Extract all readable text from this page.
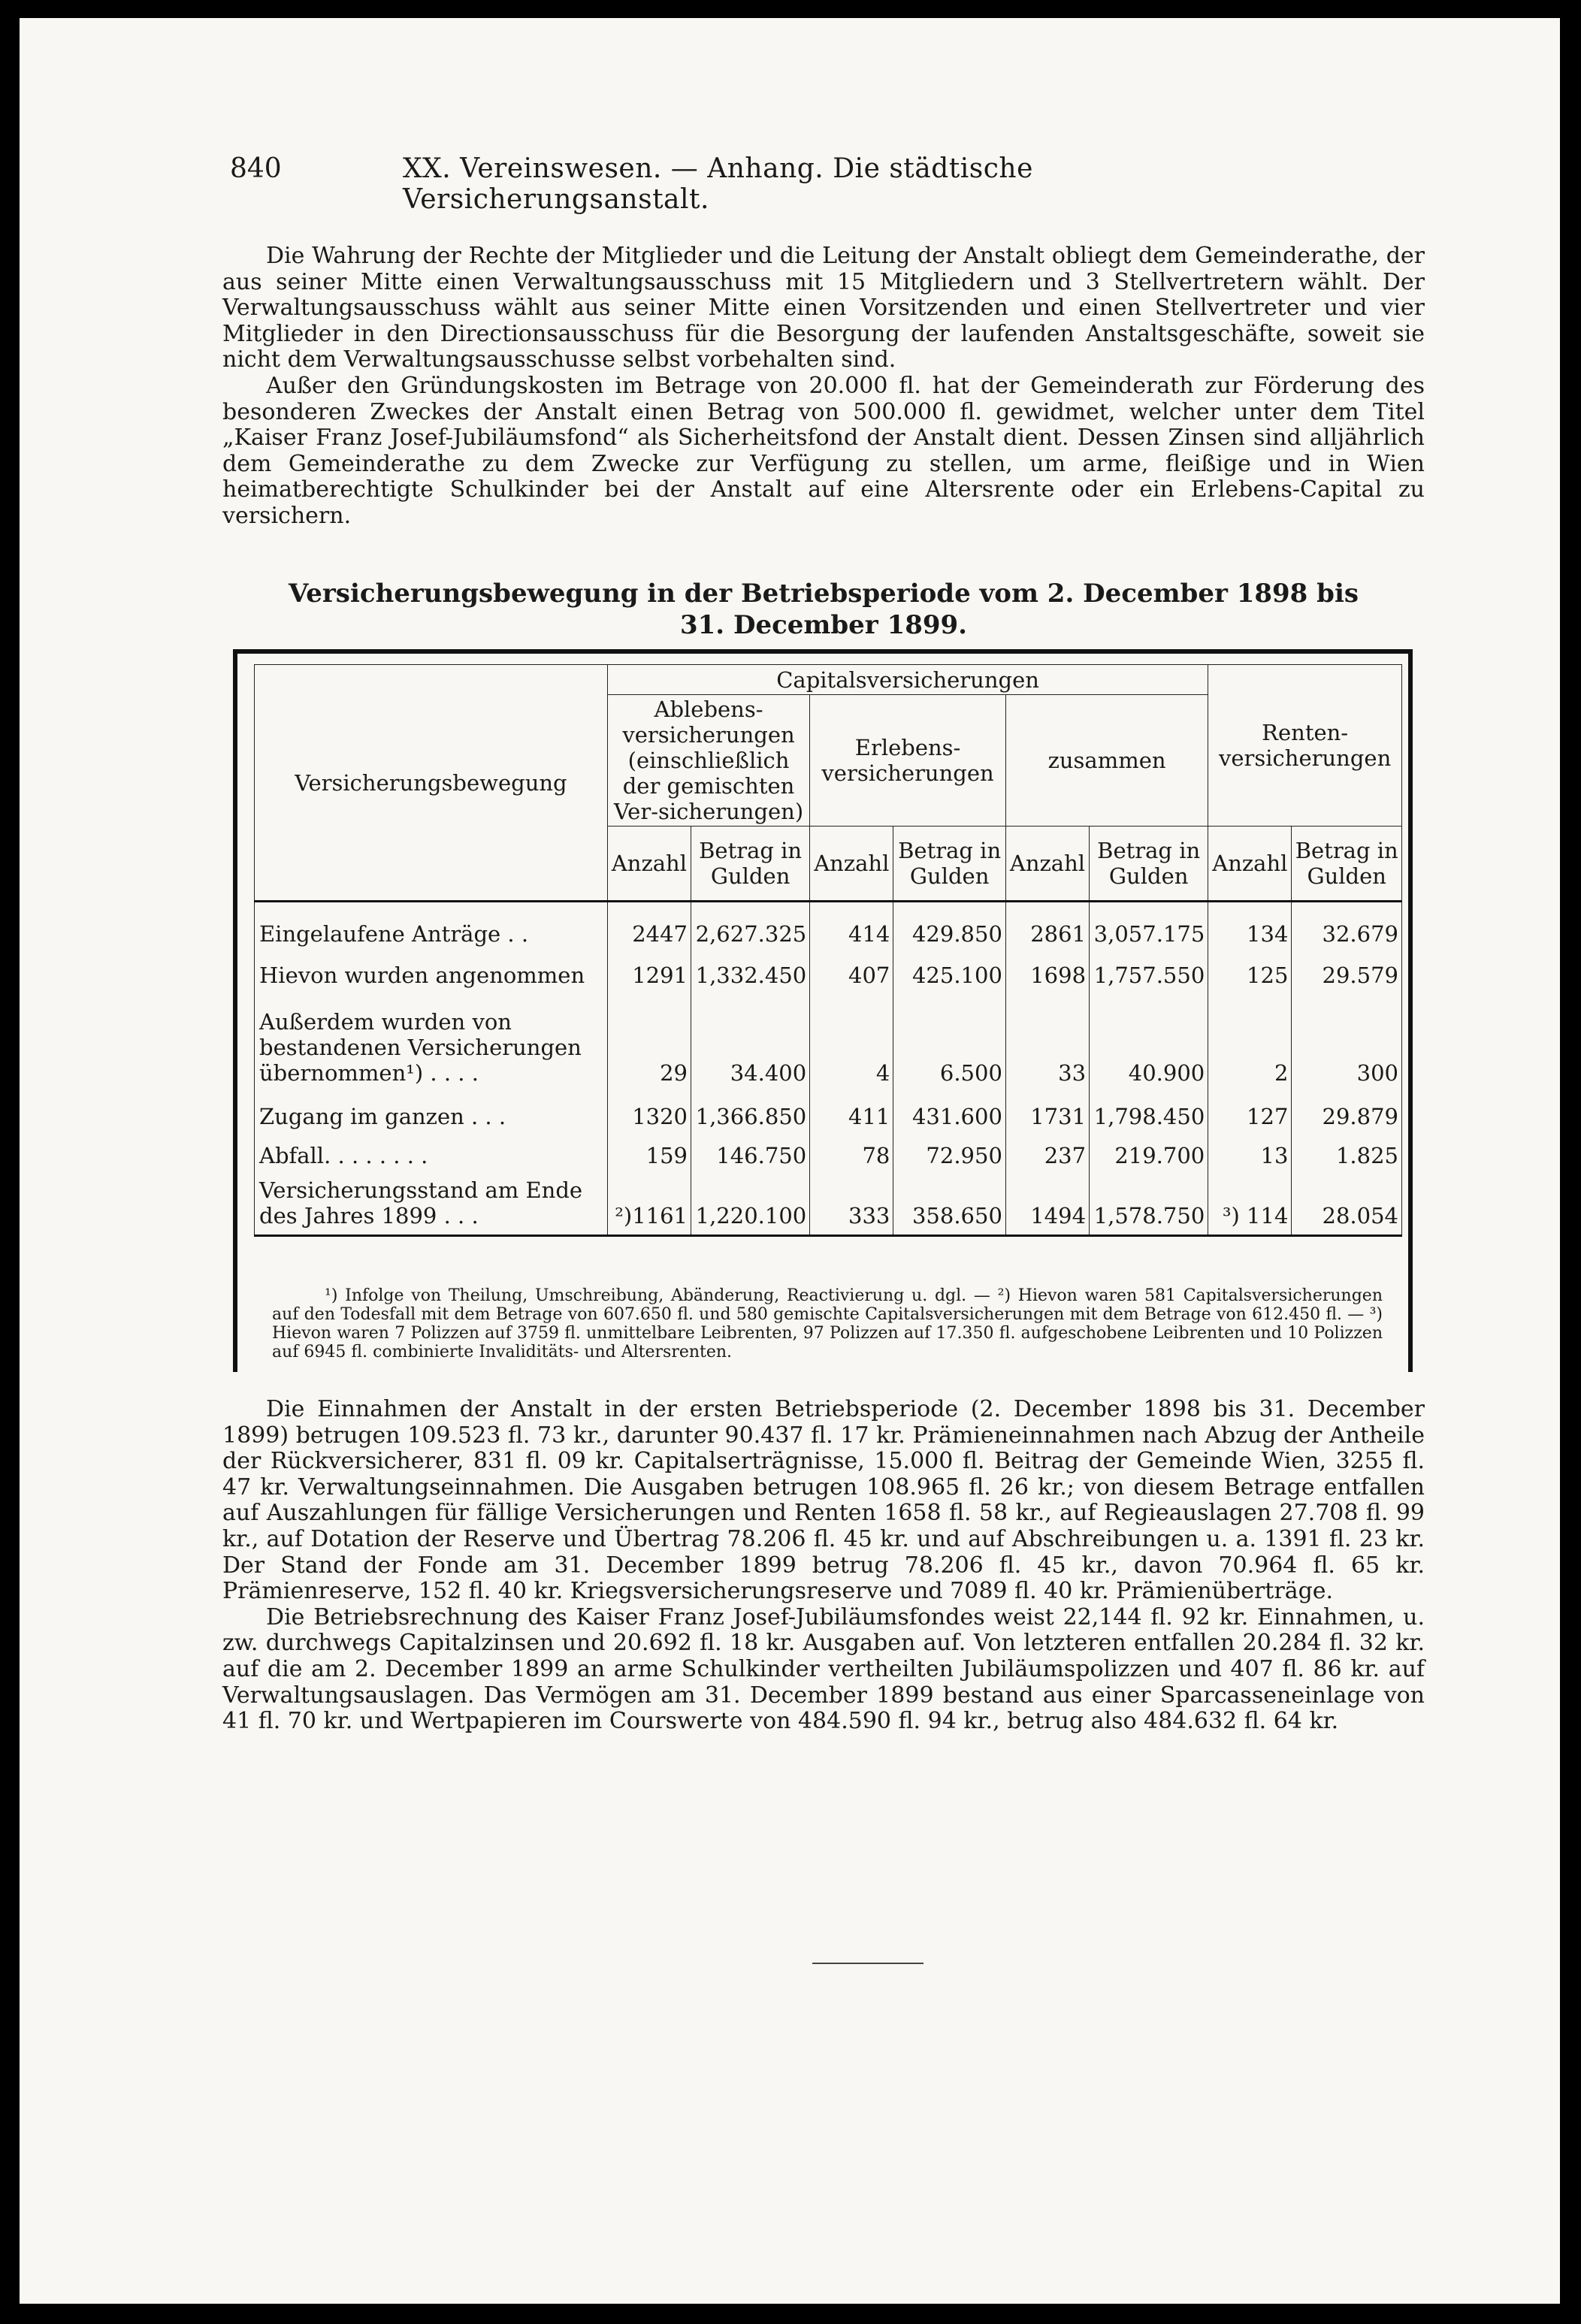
840	XX. Vereinswesen. — Anhang. Die städtische Versicherungsanstalt.

Die Wahrung der Rechte der Mitglieder und die Leitung der Anstalt obliegt dem Gemeinderathe, der aus seiner Mitte einen Verwaltungsausschuss mit 15 Mitgliedern und 3 Stellvertretern wählt. Der Verwaltungsausschuss wählt aus seiner Mitte einen Vorsitzenden und einen Stellvertreter und vier Mitglieder in den Directionsausschuss für die Besorgung der laufenden Anstaltsgeschäfte, soweit sie nicht dem Verwaltungsausschusse selbst vorbehalten sind.

Außer den Gründungskosten im Betrage von 20.000 fl. hat der Gemeinderath zur Förderung des besonderen Zweckes der Anstalt einen Betrag von 500.000 fl. gewidmet, welcher unter dem Titel „Kaiser Franz Josef-Jubiläumsfond“ als Sicherheitsfond der Anstalt dient. Dessen Zinsen sind alljährlich dem Gemeinderathe zu dem Zwecke zur Verfügung zu stellen, um arme, fleißige und in Wien heimatberechtigte Schulkinder bei der Anstalt auf eine Altersrente oder ein Erlebens-Capital zu versichern.

Versicherungsbewegung in der Betriebsperiode vom 2. December 1898 bis
31. December 1899.
Versicherungsbewegung	Capitalsversicherungen						Renten-versicherungen	
	Ablebens-versicherungen (einschließlich der gemischten Ver-sicherungen)		Erlebens-versicherungen		zusammen			
	Anzahl	Betrag in Gulden	Anzahl	Betrag in Gulden	Anzahl	Betrag in Gulden	Anzahl	Betrag in Gulden
Eingelaufene Anträge . .	2447	2,627.325	414	429.850	2861	3,057.175	134	32.679
Hievon wurden angenommen	1291	1,332.450	407	425.100	1698	1,757.550	125	29.579
Außerdem wurden von bestandenen Versicherungen übernommen¹) . . . .	29	34.400	4	6.500	33	40.900	2	300
Zugang im ganzen . . .	1320	1,366.850	411	431.600	1731	1,798.450	127	29.879
Abfall. . . . . . . .	159	146.750	78	72.950	237	219.700	13	1.825
Versicherungsstand am Ende des Jahres 1899 . . .	²)1161	1,220.100	333	358.650	1494	1,578.750	³) 114	28.054
¹) Infolge von Theilung, Umschreibung, Abänderung, Reactivierung u. dgl. — ²) Hievon waren 581 Capitalsversicherungen auf den Todesfall mit dem Betrage von 607.650 fl. und 580 gemischte Capitalsversicherungen mit dem Betrage von 612.450 fl. — ³) Hievon waren 7 Polizzen auf 3759 fl. unmittelbare Leibrenten, 97 Polizzen auf 17.350 fl. aufgeschobene Leibrenten und 10 Polizzen auf 6945 fl. combinierte Invaliditäts- und Altersrenten.

Die Einnahmen der Anstalt in der ersten Betriebsperiode (2. December 1898 bis 31. December 1899) betrugen 109.523 fl. 73 kr., darunter 90.437 fl. 17 kr. Prämieneinnahmen nach Abzug der Antheile der Rückversicherer, 831 fl. 09 kr. Capitalserträgnisse, 15.000 fl. Beitrag der Gemeinde Wien, 3255 fl. 47 kr. Verwaltungseinnahmen. Die Ausgaben betrugen 108.965 fl. 26 kr.; von diesem Betrage entfallen auf Auszahlungen für fällige Versicherungen und Renten 1658 fl. 58 kr., auf Regieauslagen 27.708 fl. 99 kr., auf Dotation der Reserve und Übertrag 78.206 fl. 45 kr. und auf Abschreibungen u. a. 1391 fl. 23 kr. Der Stand der Fonde am 31. December 1899 betrug 78.206 fl. 45 kr., davon 70.964 fl. 65 kr. Prämienreserve, 152 fl. 40 kr. Kriegsversicherungsreserve und 7089 fl. 40 kr. Prämienüberträge.

Die Betriebsrechnung des Kaiser Franz Josef-Jubiläumsfondes weist 22,144 fl. 92 kr. Einnahmen, u. zw. durchwegs Capitalzinsen und 20.692 fl. 18 kr. Ausgaben auf. Von letzteren entfallen 20.284 fl. 32 kr. auf die am 2. December 1899 an arme Schulkinder vertheilten Jubiläumspolizzen und 407 fl. 86 kr. auf Verwaltungsauslagen. Das Vermögen am 31. December 1899 bestand aus einer Sparcasseneinlage von 41 fl. 70 kr. und Wertpapieren im Courswerte von 484.590 fl. 94 kr., betrug also 484.632 fl. 64 kr.
